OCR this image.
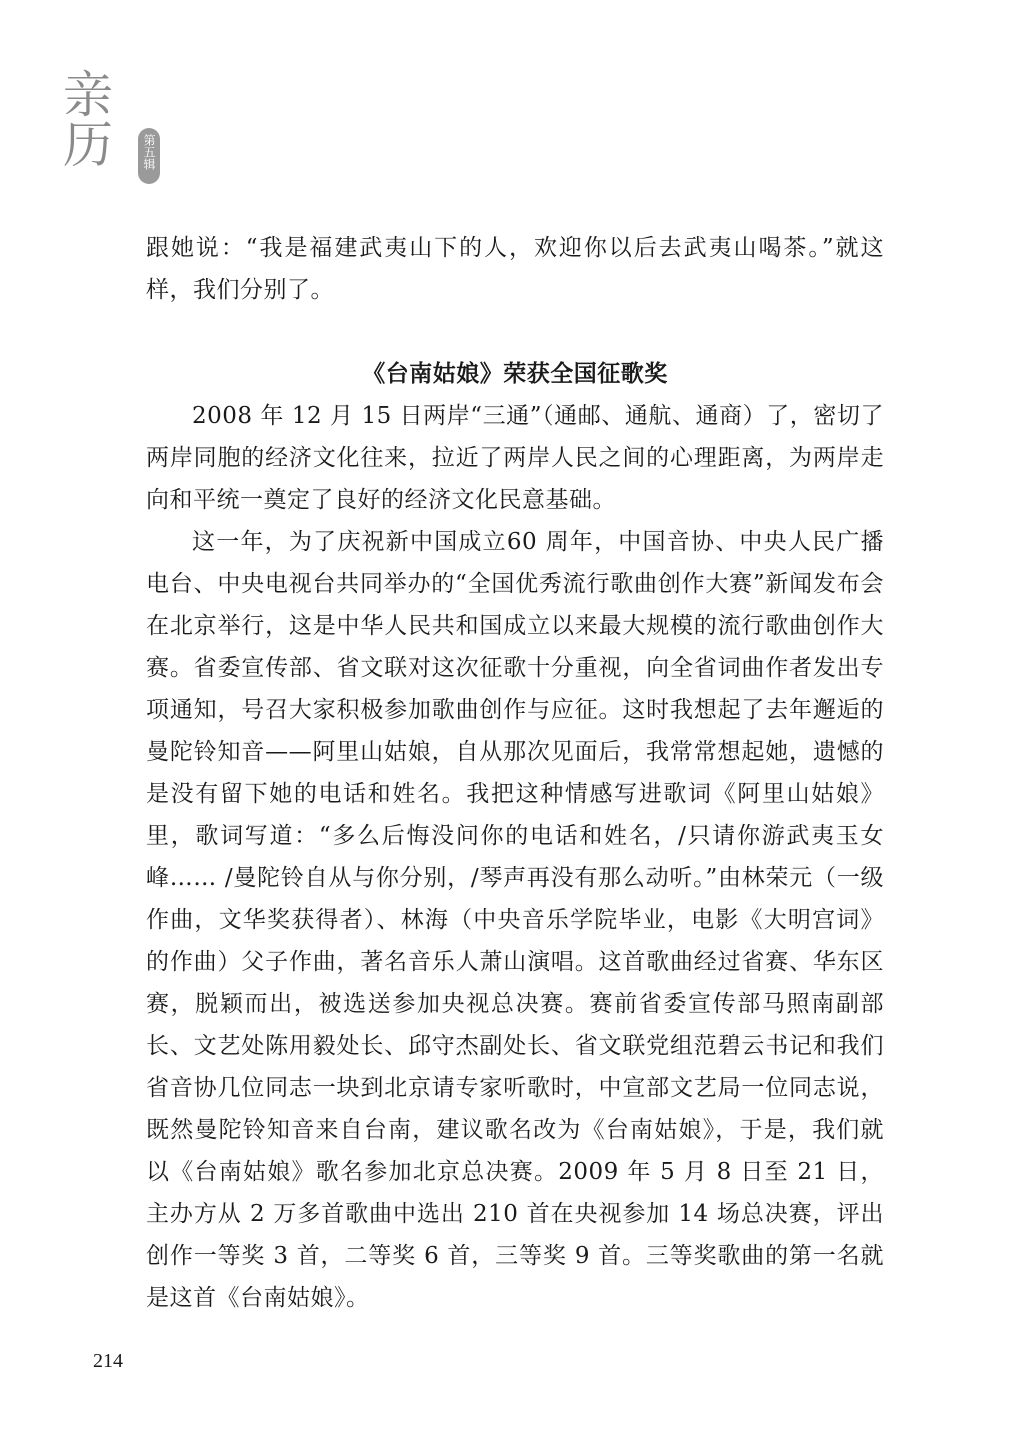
亲历 第五辑

跟她说：“我是福建武夷山下的人，欢迎你以后去武夷山喝茶。”就这样，我们分别了。

《台南姑娘》荣获全国征歌奖

2008 年 12 月 15 日两岸“三通”（通邮、通航、通商）了，密切了两岸同胞的经济文化往来，拉近了两岸人民之间的心理距离，为两岸走向和平统一奠定了良好的经济文化民意基础。

这一年，为了庆祝新中国成立60 周年，中国音协、中央人民广播电台、中央电视台共同举办的“全国优秀流行歌曲创作大赛”新闻发布会在北京举行，这是中华人民共和国成立以来最大规模的流行歌曲创作大赛。省委宣传部、省文联对这次征歌十分重视，向全省词曲作者发出专项通知，号召大家积极参加歌曲创作与应征。这时我想起了去年邂逅的曼陀铃知音——阿里山姑娘，自从那次见面后，我常常想起她，遗憾的是没有留下她的电话和姓名。我把这种情感写进歌词《阿里山姑娘》里，歌词写道：“多么后悔没问你的电话和姓名，/只请你游武夷玉女峰…… /曼陀铃自从与你分别，/琴声再没有那么动听。”由林荣元（一级作曲，文华奖获得者）、林海（中央音乐学院毕业，电影《大明宫词》的作曲）父子作曲，著名音乐人萧山演唱。这首歌曲经过省赛、华东区赛，脱颖而出，被选送参加央视总决赛。赛前省委宣传部马照南副部长、文艺处陈用毅处长、邱守杰副处长、省文联党组范碧云书记和我们省音协几位同志一块到北京请专家听歌时，中宣部文艺局一位同志说，既然曼陀铃知音来自台南，建议歌名改为《台南姑娘》，于是，我们就以《台南姑娘》歌名参加北京总决赛。2009 年 5 月 8 日至 21 日，主办方从 2 万多首歌曲中选出 210 首在央视参加 14 场总决赛，评出创作一等奖 3 首，二等奖 6 首，三等奖 9 首。三等奖歌曲的第一名就是这首《台南姑娘》。

214
